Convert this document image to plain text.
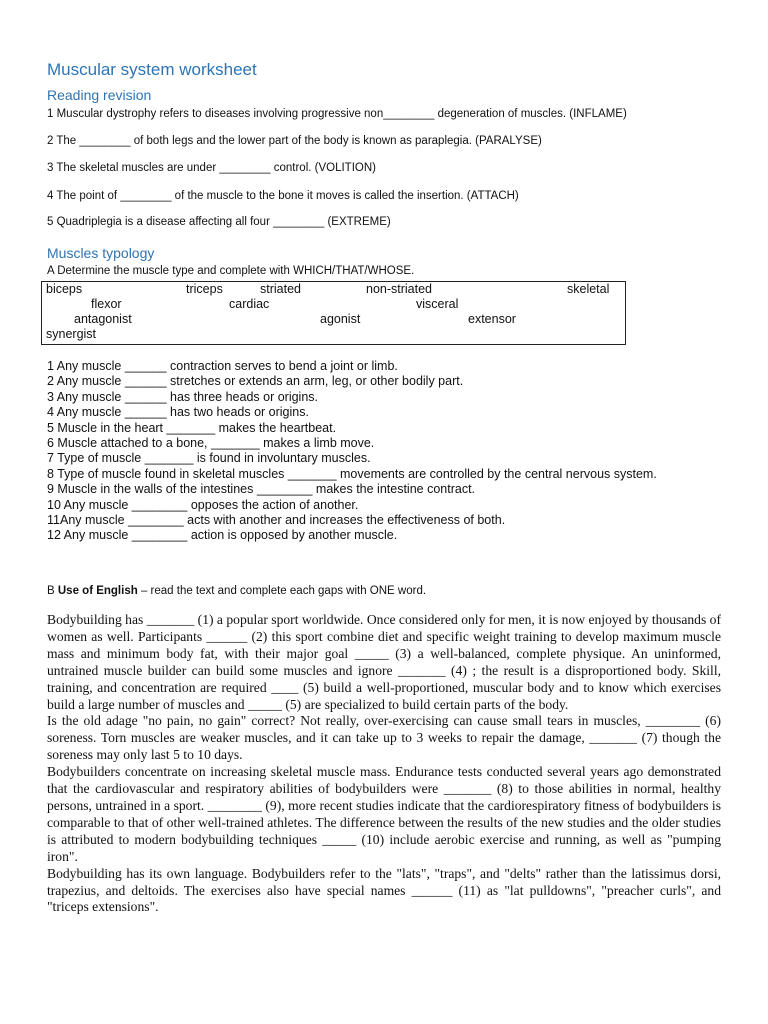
Muscular system worksheet
Reading revision
1 Muscular dystrophy refers to diseases involving progressive non________ degeneration of muscles. (INFLAME)
2 The ________ of both legs and the lower part of the body is known as paraplegia. (PARALYSE)
3 The skeletal muscles are under ________ control. (VOLITION)
4 The point of ________ of the muscle to the bone it moves is called the insertion. (ATTACH)
5 Quadriplegia is a disease affecting all four ________ (EXTREME)
Muscles typology
A Determine the muscle type and complete with WHICH/THAT/WHOSE.
biceps	triceps	striated	non-striated	skeletal
flexor	cardiac	visceral
antagonist	agonist	extensor
synergist
1 Any muscle ______ contraction serves to bend a joint or limb.
2 Any muscle ______ stretches or extends an arm, leg, or other bodily part.
3 Any muscle ______ has three heads or origins.
4 Any muscle ______ has two heads or origins.
5 Muscle in the heart _______ makes the heartbeat.
6 Muscle attached to a bone, _______ makes a limb move.
7 Type of muscle _______ is found in involuntary muscles.
8 Type of muscle found in skeletal muscles _______ movements are controlled by the central nervous system.
9 Muscle in the walls of the intestines ________ makes the intestine contract.
10 Any muscle ________ opposes the action of another.
11Any muscle ________ acts with another and increases the effectiveness of both.
12 Any muscle ________ action is opposed by another muscle.
B Use of English – read the text and complete each gaps with ONE word.

Bodybuilding has _______ (1) a popular sport worldwide. Once considered only for men, it is now enjoyed by thousands of women as well. Participants ______ (2) this sport combine diet and specific weight training to develop maximum muscle mass and minimum body fat, with their major goal _____ (3) a well-balanced, complete physique. An uninformed, untrained muscle builder can build some muscles and ignore _______ (4) ; the result is a disproportioned body. Skill, training, and concentration are required ____ (5) build a well-proportioned, muscular body and to know which exercises build a large number of muscles and _____ (5) are specialized to build certain parts of the body.

Is the old adage "no pain, no gain" correct? Not really, over-exercising can cause small tears in muscles, ________ (6) soreness. Torn muscles are weaker muscles, and it can take up to 3 weeks to repair the damage, _______ (7) though the soreness may only last 5 to 10 days.

Bodybuilders concentrate on increasing skeletal muscle mass. Endurance tests conducted several years ago demonstrated that the cardiovascular and respiratory abilities of bodybuilders were _______ (8) to those abilities in normal, healthy persons, untrained in a sport. ________ (9), more recent studies indicate that the cardiorespiratory fitness of bodybuilders is comparable to that of other well-trained athletes. The difference between the results of the new studies and the older studies is attributed to modern bodybuilding techniques _____ (10) include aerobic exercise and running, as well as "pumping iron".

Bodybuilding has its own language. Bodybuilders refer to the "lats", "traps", and "delts" rather than the latissimus dorsi, trapezius, and deltoids. The exercises also have special names ______ (11) as "lat pulldowns", "preacher curls", and "triceps extensions".
